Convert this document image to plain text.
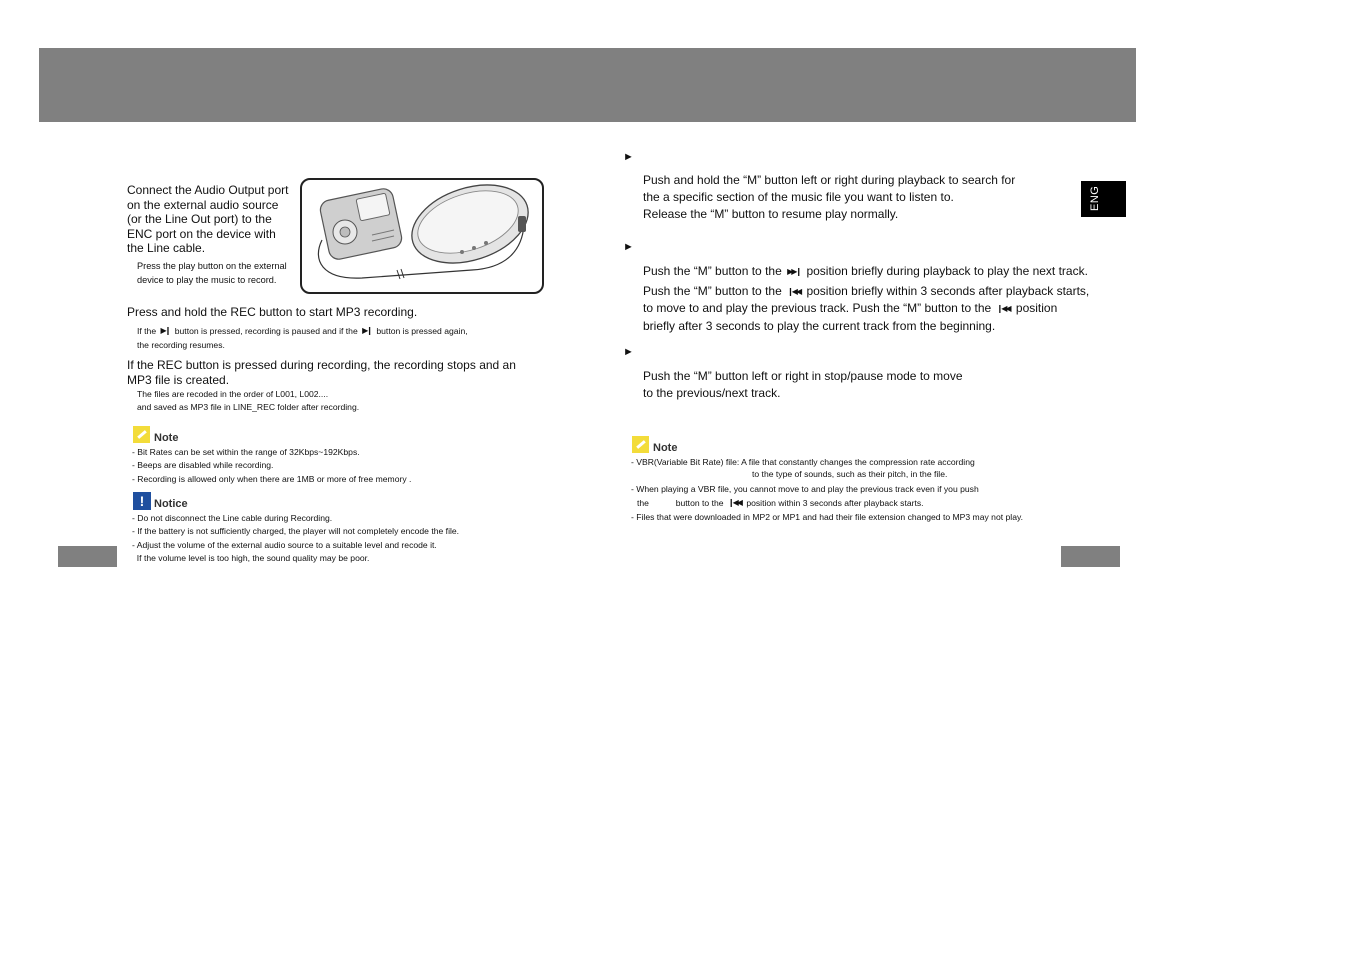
Connect the Audio Output port
on the external audio source
(or the Line Out port) to the
ENC port on the device with
the Line cable.
Press the play button on the external
device to play the music to record.
Press and hold the REC button to start MP3 recording.
If the ▶❙ button is pressed, recording is paused and if the ▶❙ button is pressed again,
the recording resumes.
If the REC button is pressed during recording, the recording stops and an
MP3 file is created.
The files are recoded in the order of L001, L002....
and saved as MP3 file in LINE_REC folder after recording.
Note
- Bit Rates can be set within the range of 32Kbps~192Kbps.
- Beeps are disabled while recording.
- Recording is allowed only when there are 1MB or more of free memory .
! Notice
- Do not disconnect the Line cable during Recording.
- If the battery is not sufficiently charged, the player will not completely encode the file.
- Adjust the volume of the external audio source to a suitable level and recode it.
If the volume level is too high, the sound quality may be poor.
ENG
►
Push and hold the “M” button left or right during playback to search for
the a specific section of the music file you want to listen to.
Release the “M” button to resume play normally.
►
Push the “M” button to the ▶▶❙ position briefly during playback to play the next track.
Push the “M” button to the ❙◀◀ position briefly within 3 seconds after playback starts,
to move to and play the previous track. Push the “M” button to the ❙◀◀ position
briefly after 3 seconds to play the current track from the beginning.
►
Push the “M” button left or right in stop/pause mode to move
to the previous/next track.
Note
- VBR(Variable Bit Rate) file: A file that constantly changes the compression rate according
to the type of sounds, such as their pitch, in the file.
- When playing a VBR file, you cannot move to and play the previous track even if you push
the	button to the ❙◀◀ position within 3 seconds after playback starts.
- Files that were downloaded in MP2 or MP1 and had their file extension changed to MP3 may not play.
